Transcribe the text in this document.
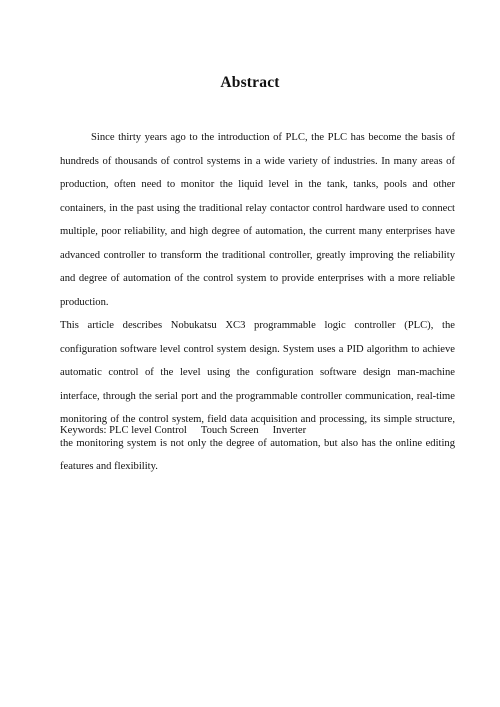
Abstract

Since thirty years ago to the introduction of PLC, the PLC has become the basis of hundreds of thousands of control systems in a wide variety of industries. In many areas of production, often need to monitor the liquid level in the tank, tanks, pools and other containers, in the past using the traditional relay contactor control hardware used to connect multiple, poor reliability, and high degree of automation, the current many enterprises have advanced controller to transform the traditional controller, greatly improving the reliability and degree of automation of the control system to provide enterprises with a more reliable production.

This article describes Nobukatsu XC3 programmable logic controller (PLC), the configuration software level control system design. System uses a PID algorithm to achieve automatic control of the level using the configuration software design man-machine interface, through the serial port and the programmable controller communication, real-time monitoring of the control system, field data acquisition and processing, its simple structure, the monitoring system is not only the degree of automation, but also has the online editing features and flexibility.

Keywords: PLC level Control Touch Screen Inverter
